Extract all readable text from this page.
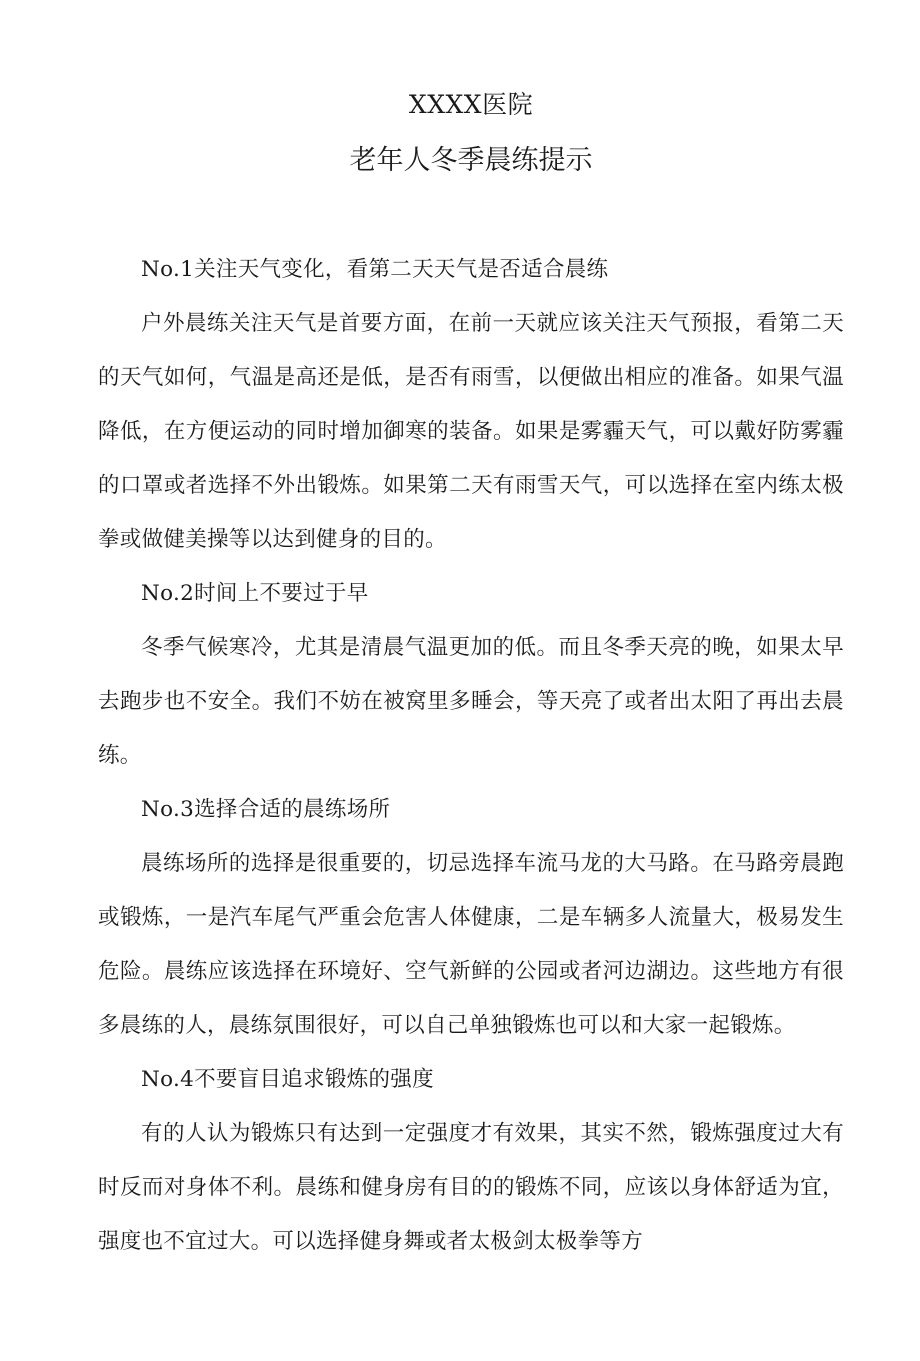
XXXX医院
老年人冬季晨练提示

No.1关注天气变化，看第二天天气是否适合晨练

户外晨练关注天气是首要方面，在前一天就应该关注天气预报，看第二天的天气如何，气温是高还是低，是否有雨雪，以便做出相应的准备。如果气温降低，在方便运动的同时增加御寒的装备。如果是雾霾天气，可以戴好防雾霾的口罩或者选择不外出锻炼。如果第二天有雨雪天气，可以选择在室内练太极拳或做健美操等以达到健身的目的。

No.2时间上不要过于早

冬季气候寒冷，尤其是清晨气温更加的低。而且冬季天亮的晚，如果太早去跑步也不安全。我们不妨在被窝里多睡会，等天亮了或者出太阳了再出去晨练。

No.3选择合适的晨练场所

晨练场所的选择是很重要的，切忌选择车流马龙的大马路。在马路旁晨跑或锻炼，一是汽车尾气严重会危害人体健康，二是车辆多人流量大，极易发生危险。晨练应该选择在环境好、空气新鲜的公园或者河边湖边。这些地方有很多晨练的人，晨练氛围很好，可以自己单独锻炼也可以和大家一起锻炼。

No.4不要盲目追求锻炼的强度

有的人认为锻炼只有达到一定强度才有效果，其实不然，锻炼强度过大有时反而对身体不利。晨练和健身房有目的的锻炼不同，应该以身体舒适为宜，强度也不宜过大。可以选择健身舞或者太极剑太极拳等方
